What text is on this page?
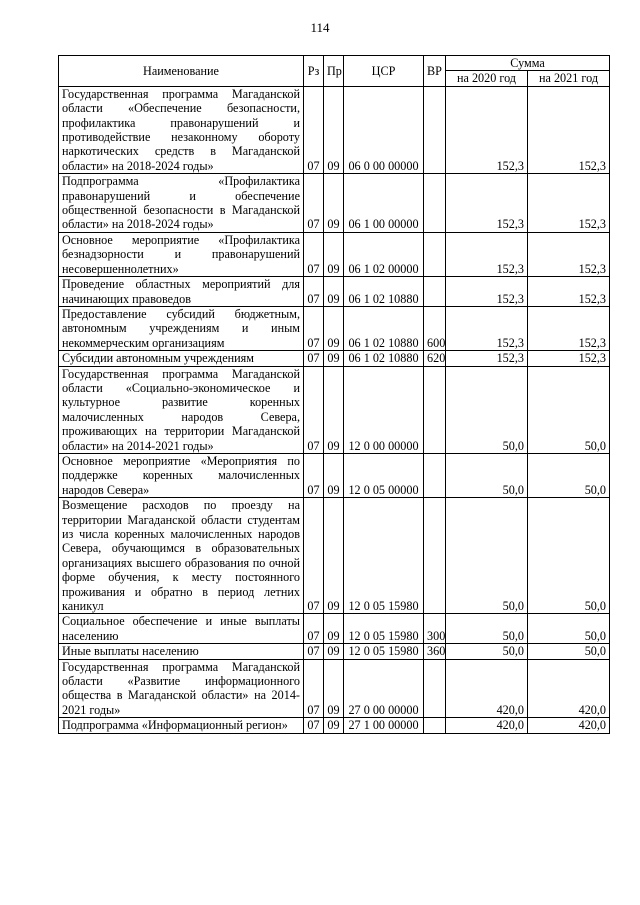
114
Наименование	Рз	Пр	ЦСР	ВР	Сумма	
					на 2020 год	на 2021 год
Государственная программа Магаданской области «Обеспечение безопасности, профилактика правонарушений и противодействие незаконному обороту наркотических средств в Магаданской области» на 2018-2024 годы»	07	09	06 0 00 00000		152,3	152,3
Подпрограмма «Профилактика правонарушений и обеспечение общественной безопасности в Магаданской области» на 2018-2024 годы»	07	09	06 1 00 00000		152,3	152,3
Основное мероприятие «Профилактика безнадзорности и правонарушений несовершеннолетних»	07	09	06 1 02 00000		152,3	152,3
Проведение областных мероприятий для начинающих правоведов	07	09	06 1 02 10880		152,3	152,3
Предоставление субсидий бюджетным, автономным учреждениям и иным некоммерческим организациям	07	09	06 1 02 10880	600	152,3	152,3
Субсидии автономным учреждениям	07	09	06 1 02 10880	620	152,3	152,3
Государственная программа Магаданской области «Социально-экономическое и культурное развитие коренных малочисленных народов Севера, проживающих на территории Магаданской области» на 2014-2021 годы»	07	09	12 0 00 00000		50,0	50,0
Основное мероприятие «Мероприятия по поддержке коренных малочисленных народов Севера»	07	09	12 0 05 00000		50,0	50,0
Возмещение расходов по проезду на территории Магаданской области студентам из числа коренных малочисленных народов Севера, обучающимся в образовательных организациях высшего образования по очной форме обучения, к месту постоянного проживания и обратно в период летних каникул	07	09	12 0 05 15980		50,0	50,0
Социальное обеспечение и иные выплаты населению	07	09	12 0 05 15980	300	50,0	50,0
Иные выплаты населению	07	09	12 0 05 15980	360	50,0	50,0
Государственная программа Магаданской области «Развитие информационного общества в Магаданской области» на 2014-2021 годы»	07	09	27 0 00 00000		420,0	420,0
Подпрограмма «Информационный регион»	07	09	27 1 00 00000		420,0	420,0
